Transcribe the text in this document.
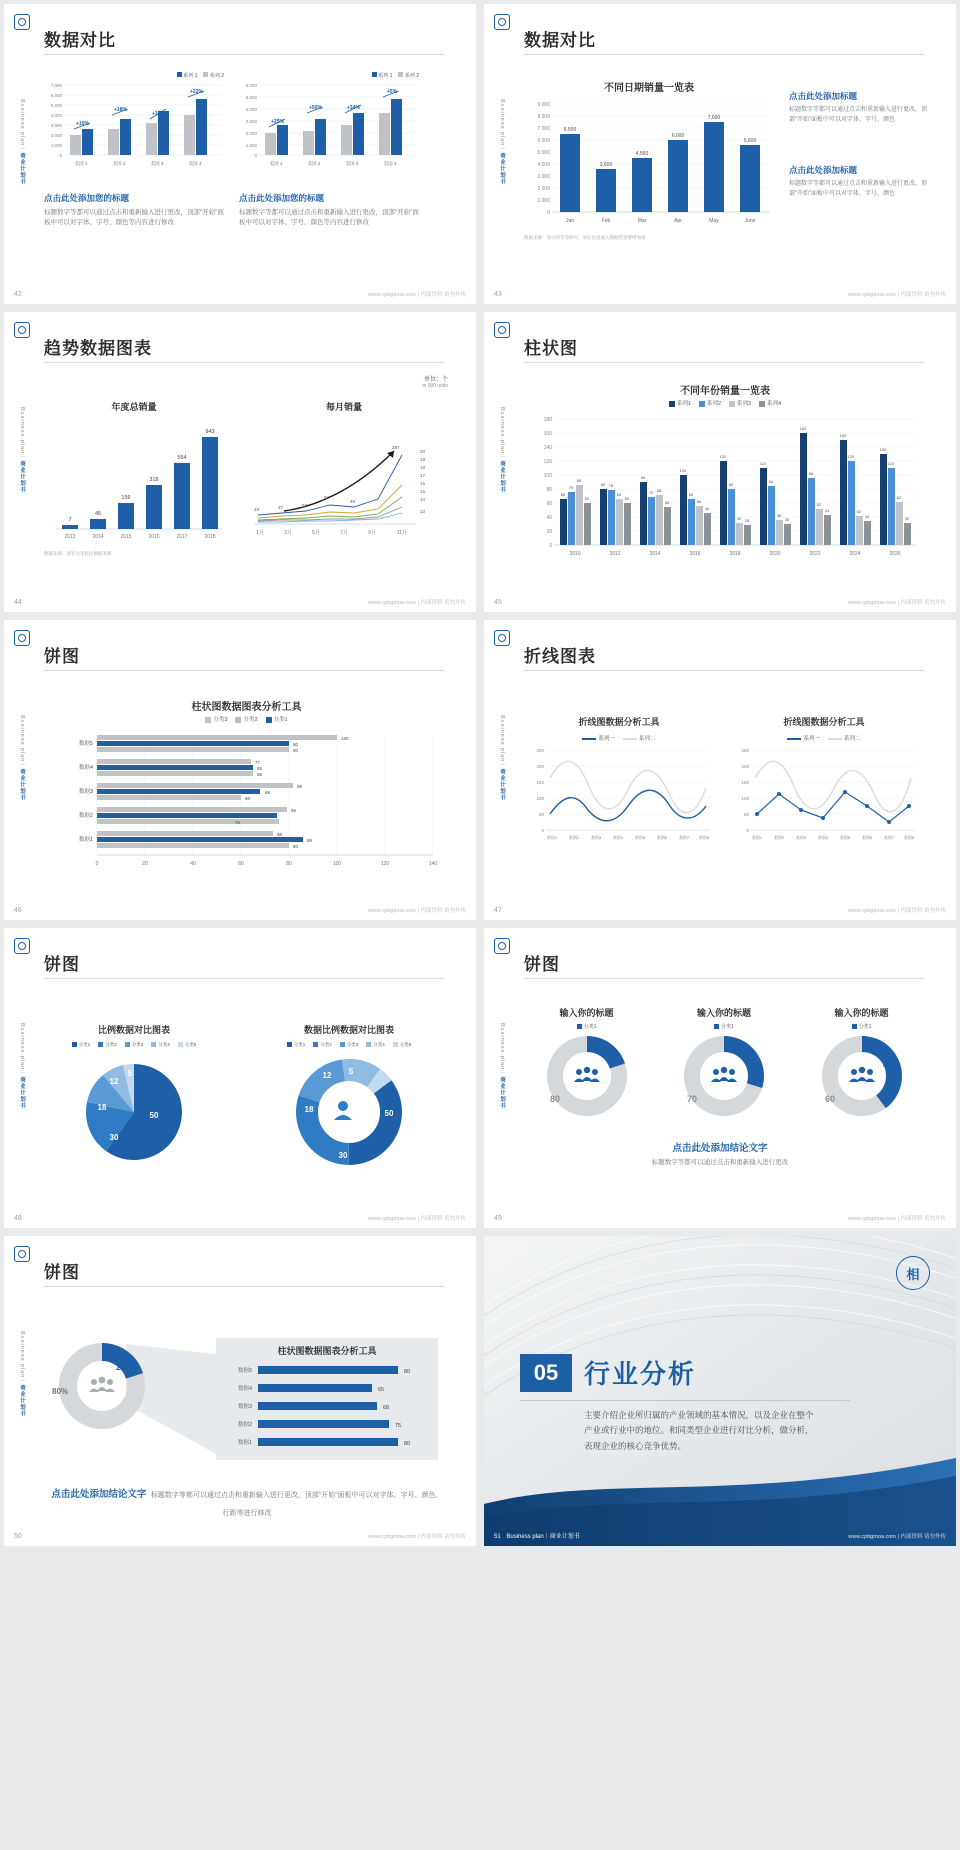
Business plan｜商业计划书
数据对比
系列 1	系列 2
7,000
6,000
5,000
4,000
3,000
2,000
1,000
0
+10%
+18%
+16%
+22%
美国 1	美国 2	美国 3	美国 4
系列 1	系列 2
6,000
5,000
4,000
3,000
2,000
1,000
0
+25%
+50%	+34%
+5%
美国 1	美国 2	美国 3	美国 4
点击此处添加您的标题
标题数字等都可以通过点击和重新输入进行更改，顶部“开始”面板中可以对字体、字号、颜色等内容进行修改
点击此处添加您的标题
标题数字等都可以通过点击和重新输入进行更改，顶部“开始”面板中可以对字体、字号、颜色等内容进行修改
42	www.cpbgmoa.com | 内部资料 请勿外传
Business plan｜商业计划书
数据对比
不同日期销量一览表
9 000
8 000
7 000
6 000
5 000
4 000
3 000
2 000
1 000
0
6,500
3,600
4,560
6,000
7,600
5,600
Jan	Feb	Mar	Apr	May	June
数据来源：显示的等等研究，请在这里或入数据您需要增加场
点击此处添加标题
标题数字等都可以通过点击和重新输入进行更改，顶部“开始”面板中可以对字体、字号、颜色
点击此处添加标题
标题数字等都可以通过点击和重新输入进行更改，顶部“开始”面板中可以对字体、字号、颜色
43	www.cpbgmoa.com | 内部资料 请勿外传
Business plan｜商业计划书
趋势数据图表
单位：个
in 000 units
年度总销量
7
45
156
318
554
943
2013	2014	2015	2016	2017	2018
数据来源：请在这里标注数据来源
每月销量
23	37	57
94
46
287
20
19
18
17
16
15
14
13
1月	3月	5月	7月	9月	11月
44	www.cpbgmoa.com | 内部资料 请勿外传
Business plan｜商业计划书
柱状图
不同年份销量一览表
系列1	系列2	系列3	系列4
180
160
140
120
100
80
60
40
20
0
65
75
85
60
80 78
65
60
90
72 68
55
100
66
56
46
120
80
32 28
110
84
36
30
160
96
52
43
150
120
42
34
130
110
62
32
2010	2012	2014	2016	2018	2020	2022	2024	2026
45	www.cpbgmoa.com | 内部资料 请勿外传
Business plan｜商业计划书
饼图
柱状图数据图表分析工具
分类3	分类2	分类1
数据5
数据4
数据3
数据2
数据1
120
80
80
77
65
65
98
68
60
95
75
76
88
86
80
0	20	40	60	80	100	120	140
46	www.cpbgmoa.com | 内部资料 请勿外传
Business plan｜商业计划书
折线图表
折线图数据分析工具
系列一	系列二
250
200
150
100
50
0
类别1	类别2	类别3	类别4	类别5	类别6	类别7 类别8
折线图数据分析工具
系列一	系列二
250
200
150
100
50
0
类别1	类别2	类别3	类别4	类别5	类别6	类别7 类别8
47	www.cpbgmoa.com | 内部资料 请勿外传
Business plan｜商业计划书
饼图
比例数据对比图表
分类1	分类2	分类3	分类4	分类5
50
30
18
12
5
数据比例数据对比图表
分类1	分类2	分类3	分类4	分类5
50
30
18
12 5
48	www.cpbgmoa.com | 内部资料 请勿外传
Business plan｜商业计划书
饼图
输入你的标题
分类1
20
80
输入你的标题
分类1
30
70
输入你的标题
分类1
40
60
点击此处添加结论文字
标题数字等都可以通过点击和重新输入进行更改
49	www.cpbgmoa.com | 内部资料 请勿外传
Business plan｜商业计划书
饼图
20%
80%
柱状图数据图表分析工具
数据5
数据4
数据3
数据2
数据1
80
65
68
75
80
点击此处添加结论文字 标题数字等都可以通过点击和重新输入进行更改，顶部“开始”面板中可以对字体、字号、颜色、行距等进行修改
50	www.cpbgmoa.com | 内部资料 请勿外传
相
05 行业分析
主要介绍企业所归属的产业领域的基本情况，以及企业在整个产业或行业中的地位。和同类型企业进行对比分析，做分析，表现企业的核心竞争优势。
51 Business plan｜商业计划书	www.cpbgmoa.com | 内部资料 请勿外传
